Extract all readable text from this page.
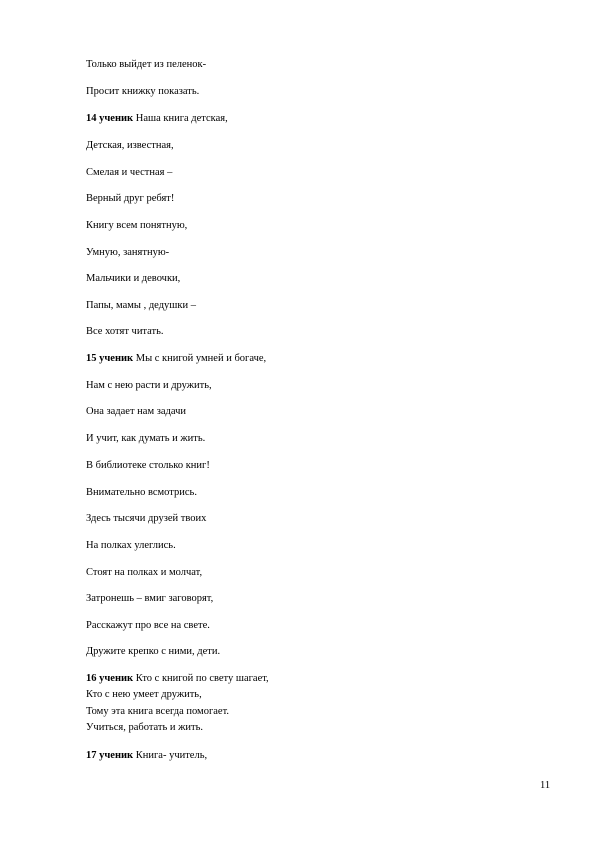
Только выйдет из пеленок-
Просит книжку показать.
14 ученик Наша книга детская,
Детская, известная,
Смелая и честная –
Верный друг ребят!
Книгу всем понятную,
Умную, занятную-
Мальчики и девочки,
Папы, мамы , дедушки –
Все хотят читать.
15 ученик Мы с книгой умней и богаче,
Нам с нею расти и дружить,
Она задает нам задачи
И учит, как думать и жить.
В библиотеке столько книг!
Внимательно всмотрись.
Здесь тысячи друзей твоих
На полках улеглись.
Стоят на полках и молчат,
Затронешь – вмиг заговорят,
Расскажут про все на свете.
Дружите крепко с ними, дети.
16 ученик Кто с книгой по свету шагает,
Кто с нею умеет дружить,
Тому эта книга всегда помогает.
Учиться, работать и жить.
17 ученик Книга- учитель,
11
